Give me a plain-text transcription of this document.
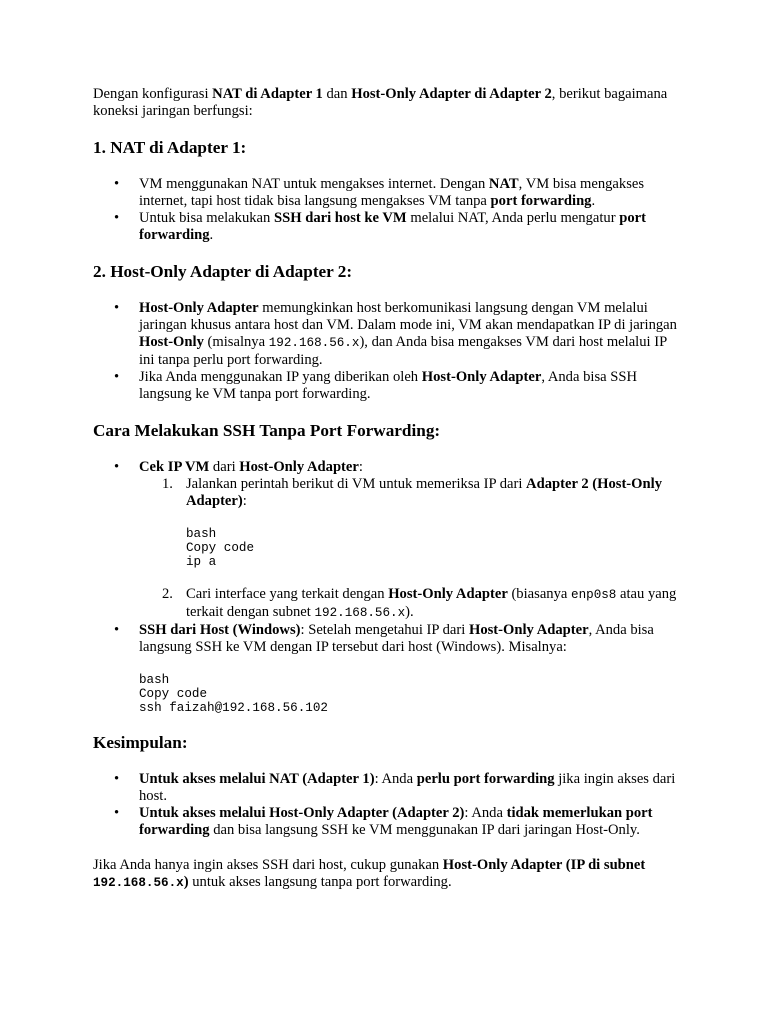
Dengan konfigurasi NAT di Adapter 1 dan Host-Only Adapter di Adapter 2, berikut bagaimana koneksi jaringan berfungsi:

1. NAT di Adapter 1:
• VM menggunakan NAT untuk mengakses internet. Dengan NAT, VM bisa mengakses internet, tapi host tidak bisa langsung mengakses VM tanpa port forwarding.
• Untuk bisa melakukan SSH dari host ke VM melalui NAT, Anda perlu mengatur port forwarding.
2. Host-Only Adapter di Adapter 2:
• Host-Only Adapter memungkinkan host berkomunikasi langsung dengan VM melalui jaringan khusus antara host dan VM. Dalam mode ini, VM akan mendapatkan IP di jaringan Host-Only (misalnya 192.168.56.x), dan Anda bisa mengakses VM dari host melalui IP ini tanpa perlu port forwarding.
• Jika Anda menggunakan IP yang diberikan oleh Host-Only Adapter, Anda bisa SSH langsung ke VM tanpa port forwarding.
Cara Melakukan SSH Tanpa Port Forwarding:
• Cek IP VM dari Host-Only Adapter:
1. Jalankan perintah berikut di VM untuk memeriksa IP dari Adapter 2 (Host-Only Adapter):
bash
Copy code
ip a
2. Cari interface yang terkait dengan Host-Only Adapter (biasanya enp0s8 atau yang terkait dengan subnet 192.168.56.x).
• SSH dari Host (Windows): Setelah mengetahui IP dari Host-Only Adapter, Anda bisa langsung SSH ke VM dengan IP tersebut dari host (Windows). Misalnya:
bash
Copy code
ssh faizah@192.168.56.102
Kesimpulan:
• Untuk akses melalui NAT (Adapter 1): Anda perlu port forwarding jika ingin akses dari host.
• Untuk akses melalui Host-Only Adapter (Adapter 2): Anda tidak memerlukan port forwarding dan bisa langsung SSH ke VM menggunakan IP dari jaringan Host-Only.

Jika Anda hanya ingin akses SSH dari host, cukup gunakan Host-Only Adapter (IP di subnet 192.168.56.x) untuk akses langsung tanpa port forwarding.
